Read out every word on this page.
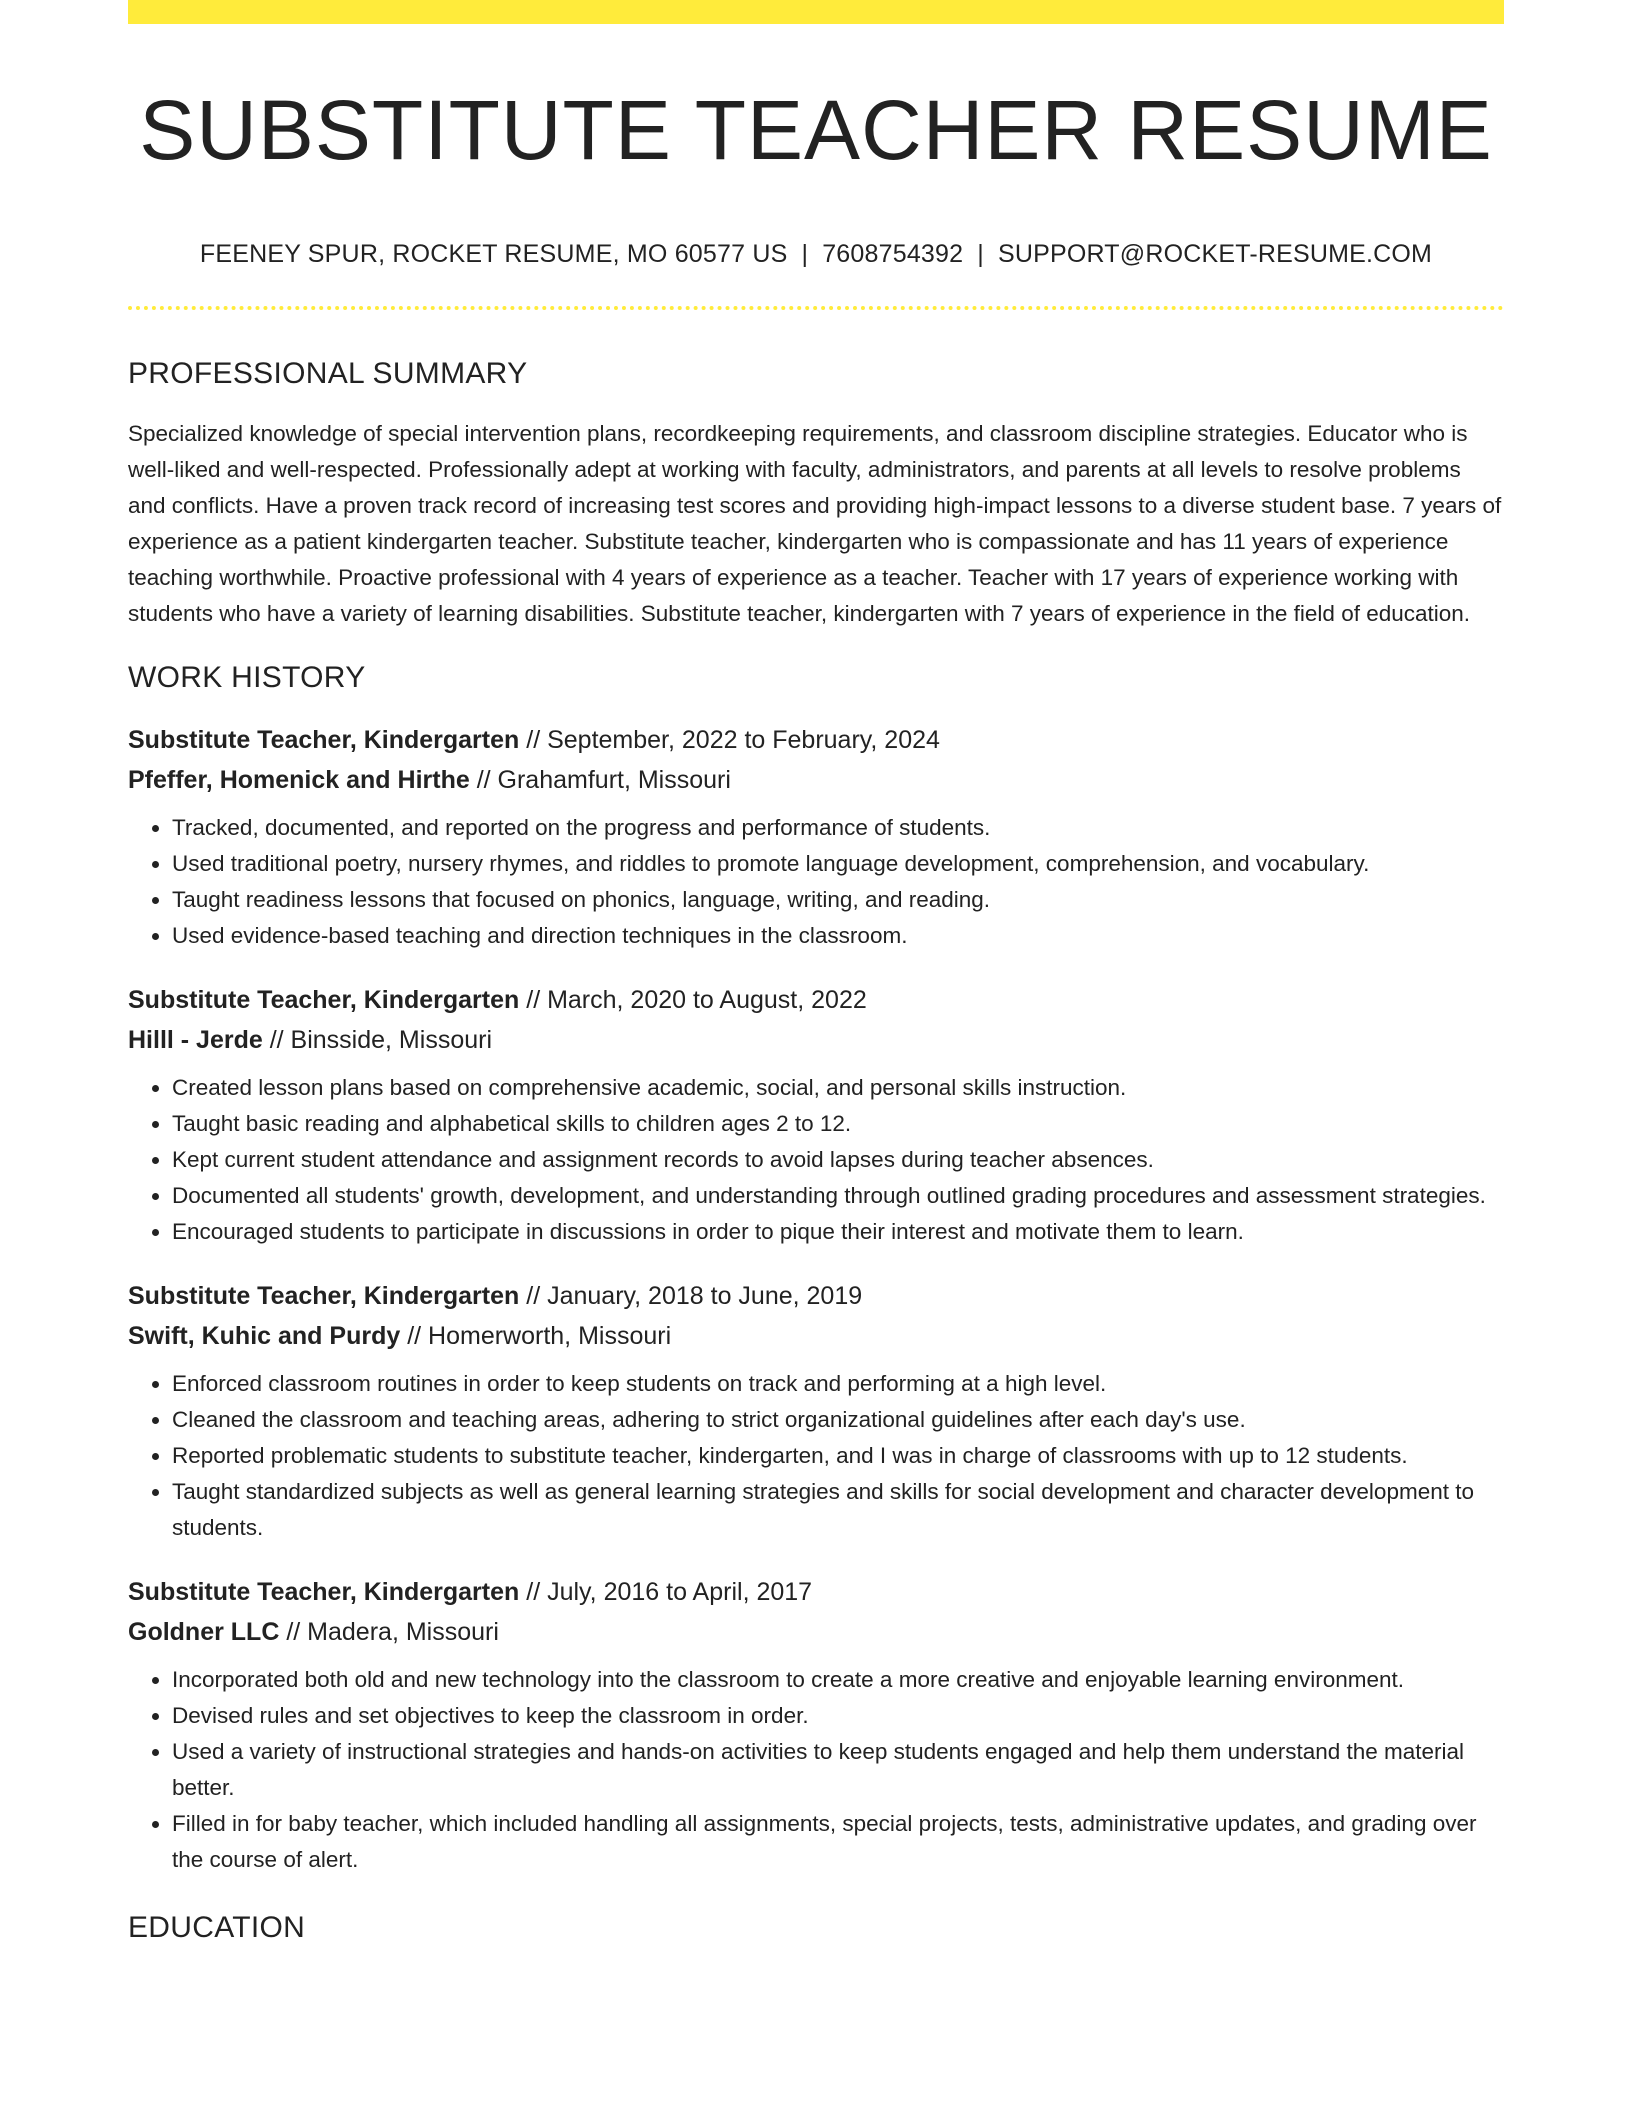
SUBSTITUTE TEACHER RESUME
FEENEY SPUR, ROCKET RESUME, MO 60577 US | 7608754392 | SUPPORT@ROCKET-RESUME.COM
PROFESSIONAL SUMMARY

Specialized knowledge of special intervention plans, recordkeeping requirements, and classroom discipline strategies. Educator who is well-liked and well-respected. Professionally adept at working with faculty, administrators, and parents at all levels to resolve problems and conflicts. Have a proven track record of increasing test scores and providing high-impact lessons to a diverse student base. 7 years of experience as a patient kindergarten teacher. Substitute teacher, kindergarten who is compassionate and has 11 years of experience teaching worthwhile. Proactive professional with 4 years of experience as a teacher. Teacher with 17 years of experience working with students who have a variety of learning disabilities. Substitute teacher, kindergarten with 7 years of experience in the field of education.

WORK HISTORY
Substitute Teacher, Kindergarten // September, 2022 to February, 2024
Pfeffer, Homenick and Hirthe // Grahamfurt, Missouri
• Tracked, documented, and reported on the progress and performance of students.
• Used traditional poetry, nursery rhymes, and riddles to promote language development, comprehension, and vocabulary.
• Taught readiness lessons that focused on phonics, language, writing, and reading.
• Used evidence-based teaching and direction techniques in the classroom.
Substitute Teacher, Kindergarten // March, 2020 to August, 2022
Hilll - Jerde // Binsside, Missouri
• Created lesson plans based on comprehensive academic, social, and personal skills instruction.
• Taught basic reading and alphabetical skills to children ages 2 to 12.
• Kept current student attendance and assignment records to avoid lapses during teacher absences.
• Documented all students' growth, development, and understanding through outlined grading procedures and assessment strategies.
• Encouraged students to participate in discussions in order to pique their interest and motivate them to learn.
Substitute Teacher, Kindergarten // January, 2018 to June, 2019
Swift, Kuhic and Purdy // Homerworth, Missouri
• Enforced classroom routines in order to keep students on track and performing at a high level.
• Cleaned the classroom and teaching areas, adhering to strict organizational guidelines after each day's use.
• Reported problematic students to substitute teacher, kindergarten, and I was in charge of classrooms with up to 12 students.
• Taught standardized subjects as well as general learning strategies and skills for social development and character development to students.
Substitute Teacher, Kindergarten // July, 2016 to April, 2017
Goldner LLC // Madera, Missouri
• Incorporated both old and new technology into the classroom to create a more creative and enjoyable learning environment.
• Devised rules and set objectives to keep the classroom in order.
• Used a variety of instructional strategies and hands-on activities to keep students engaged and help them understand the material better.
• Filled in for baby teacher, which included handling all assignments, special projects, tests, administrative updates, and grading over the course of alert.
EDUCATION
